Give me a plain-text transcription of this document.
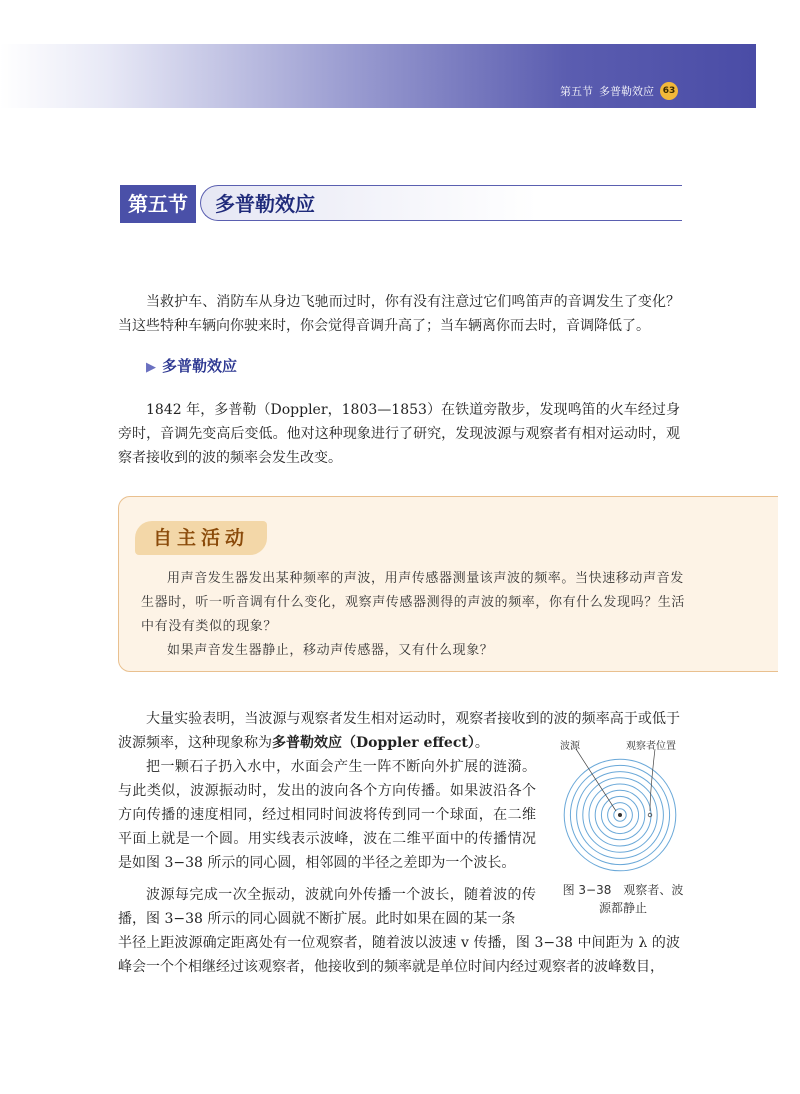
第五节 多普勒效应 63
第五节	多普勒效应

当救护车、消防车从身边飞驰而过时，你有没有注意过它们鸣笛声的音调发生了变化？当这些特种车辆向你驶来时，你会觉得音调升高了；当车辆离你而去时，音调降低了。

▶ 多普勒效应

1842 年，多普勒（Doppler，1803—1853）在铁道旁散步，发现鸣笛的火车经过身旁时，音调先变高后变低。他对这种现象进行了研究，发现波源与观察者有相对运动时，观察者接收到的波的频率会发生改变。

自主活动

用声音发生器发出某种频率的声波，用声传感器测量该声波的频率。当快速移动声音发生器时，听一听音调有什么变化，观察声传感器测得的声波的频率，你有什么发现吗？生活中有没有类似的现象？

如果声音发生器静止，移动声传感器，又有什么现象？

大量实验表明，当波源与观察者发生相对运动时，观察者接收到的波的频率高于或低于波源频率，这种现象称为多普勒效应（Doppler effect）。

把一颗石子扔入水中，水面会产生一阵不断向外扩展的涟漪。与此类似，波源振动时，发出的波向各个方向传播。如果波沿各个方向传播的速度相同，经过相同时间波将传到同一个球面，在二维平面上就是一个圆。用实线表示波峰，波在二维平面中的传播情况是如图 3−38 所示的同心圆，相邻圆的半径之差即为一个波长。

波源每完成一次全振动，波就向外传播一个波长，随着波的传播，图 3−38 所示的同心圆就不断扩展。此时如果在圆的某一条

半径上距波源确定距离处有一位观察者，随着波以波速 v 传播，图 3−38 中间距为 λ 的波峰会一个个相继经过该观察者，他接收到的频率就是单位时间内经过观察者的波峰数目，

波源	观察者位置
图 3−38　观察者、波
源都静止
